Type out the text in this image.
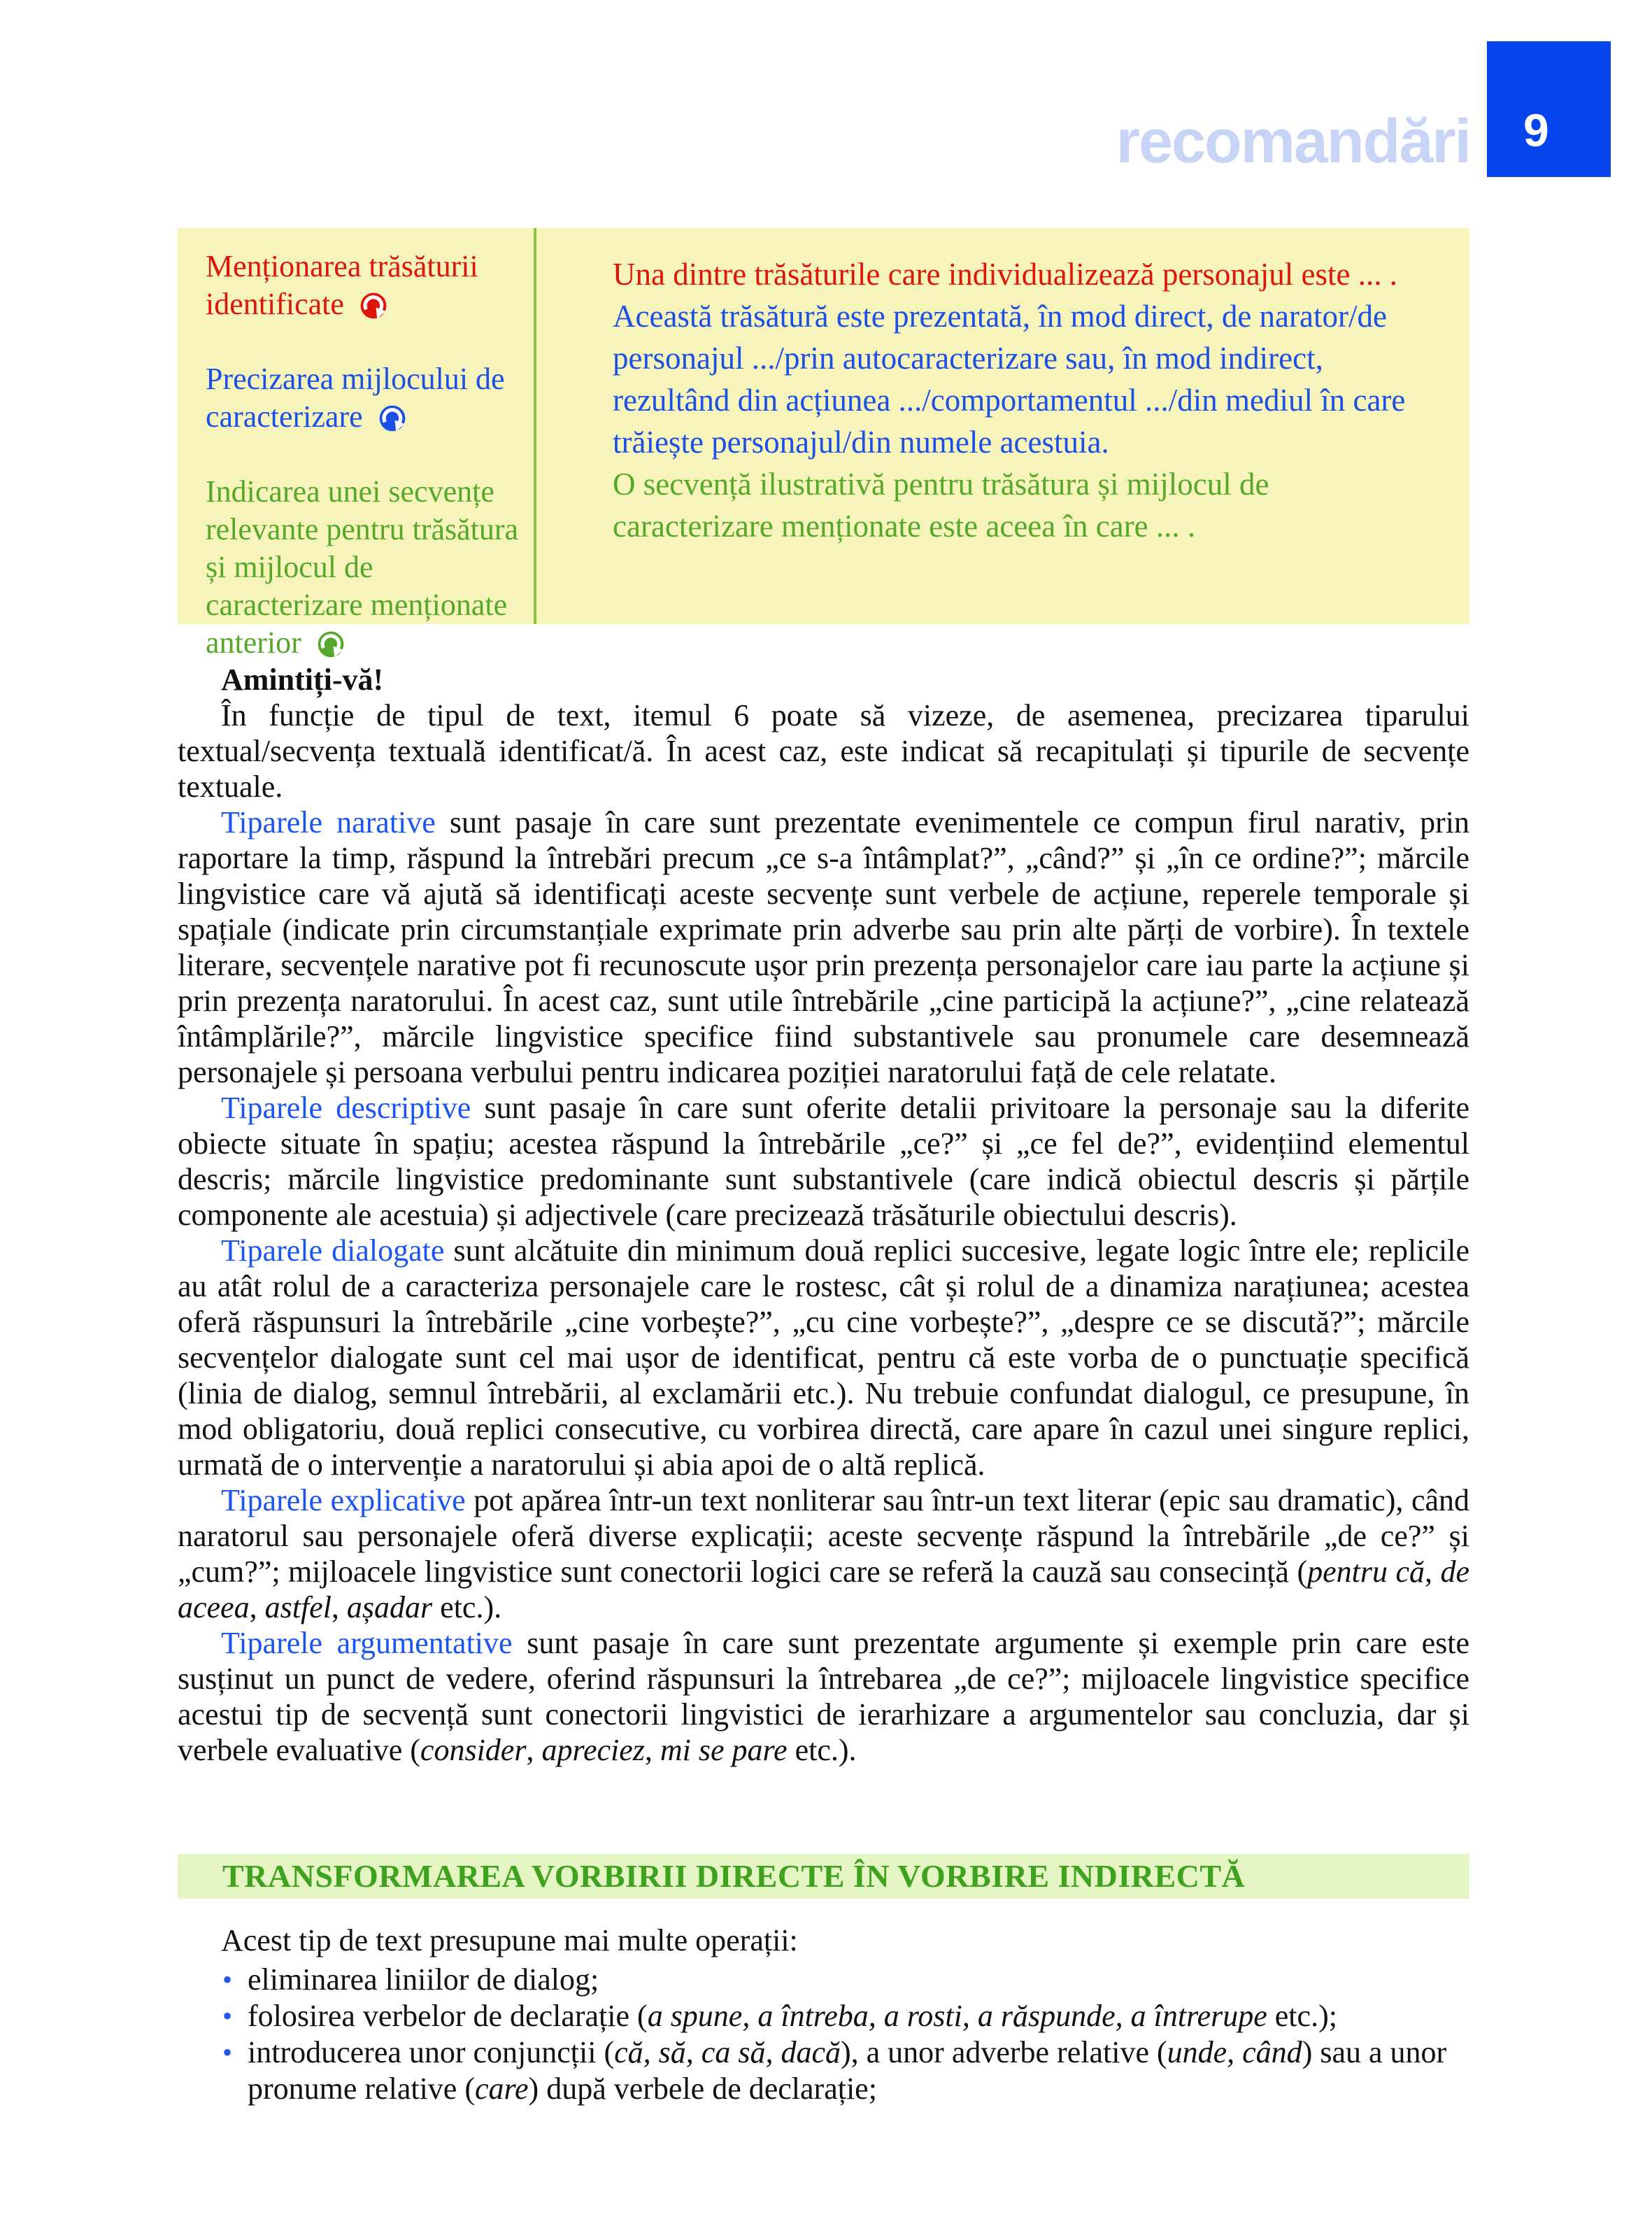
recomandări	9
Menționarea trăsăturii identificate
Precizarea mijlocului de caracterizare
Indicarea unei secvențe relevante pentru trăsătura și mijlocul de caracterizare menționate anterior

Una dintre trăsăturile care individualizează personajul este ... .

Această trăsătură este prezentată, în mod direct, de narator/de personajul .../prin autocaracterizare sau, în mod indirect, rezultând din acțiunea .../comportamentul .../din mediul în care trăiește personajul/din numele acestuia.

O secvență ilustrativă pentru trăsătura și mijlocul de caracterizare menționate este aceea în care ... .

Amintiți-vă!

În funcție de tipul de text, itemul 6 poate să vizeze, de asemenea, precizarea tiparului textual/secvența textuală identificat/ă. În acest caz, este indicat să recapitulați și tipurile de secvențe textuale.

Tiparele narative sunt pasaje în care sunt prezentate evenimentele ce compun firul narativ, prin raportare la timp, răspund la întrebări precum „ce s-a întâmplat?”, „când?” și „în ce ordine?”; mărcile lingvistice care vă ajută să identificați aceste secvențe sunt verbele de acțiune, reperele temporale și spațiale (indicate prin circumstanțiale exprimate prin adverbe sau prin alte părți de vorbire). În textele literare, secvențele narative pot fi recunoscute ușor prin prezența personajelor care iau parte la acțiune și prin prezența naratorului. În acest caz, sunt utile întrebările „cine participă la acțiune?”, „cine relatează întâmplările?”, mărcile lingvistice specifice fiind substantivele sau pronumele care desemnează personajele și persoana verbului pentru indicarea poziției naratorului față de cele relatate.

Tiparele descriptive sunt pasaje în care sunt oferite detalii privitoare la personaje sau la diferite obiecte situate în spațiu; acestea răspund la întrebările „ce?” și „ce fel de?”, evidențiind elementul descris; mărcile lingvistice predominante sunt substantivele (care indică obiectul descris și părțile componente ale acestuia) și adjectivele (care precizează trăsăturile obiectului descris).

Tiparele dialogate sunt alcătuite din minimum două replici succesive, legate logic între ele; replicile au atât rolul de a caracteriza personajele care le rostesc, cât și rolul de a dinamiza narațiunea; acestea oferă răspunsuri la întrebările „cine vorbește?”, „cu cine vorbește?”, „despre ce se discută?”; mărcile secvențelor dialogate sunt cel mai ușor de identificat, pentru că este vorba de o punctuație specifică (linia de dialog, semnul întrebării, al exclamării etc.). Nu trebuie confundat dialogul, ce presupune, în mod obligatoriu, două replici consecutive, cu vorbirea directă, care apare în cazul unei singure replici, urmată de o intervenție a naratorului și abia apoi de o altă replică.

Tiparele explicative pot apărea într-un text nonliterar sau într-un text literar (epic sau dramatic), când naratorul sau personajele oferă diverse explicații; aceste secvențe răspund la întrebările „de ce?” și „cum?”; mijloacele lingvistice sunt conectorii logici care se referă la cauză sau consecință (pentru că, de aceea, astfel, așadar etc.).

Tiparele argumentative sunt pasaje în care sunt prezentate argumente și exemple prin care este susținut un punct de vedere, oferind răspunsuri la întrebarea „de ce?”; mijloacele lingvistice specifice acestui tip de secvență sunt conectorii lingvistici de ierarhizare a argumentelor sau concluzia, dar și verbele evaluative (consider, apreciez, mi se pare etc.).

TRANSFORMAREA VORBIRII DIRECTE ÎN VORBIRE INDIRECTĂ

Acest tip de text presupune mai multe operații:

• eliminarea liniilor de dialog;
• folosirea verbelor de declarație (a spune, a întreba, a rosti, a răspunde, a întrerupe etc.);
• introducerea unor conjuncții (că, să, ca să, dacă), a unor adverbe relative (unde, când) sau a unor pronume relative (care) după verbele de declarație;
